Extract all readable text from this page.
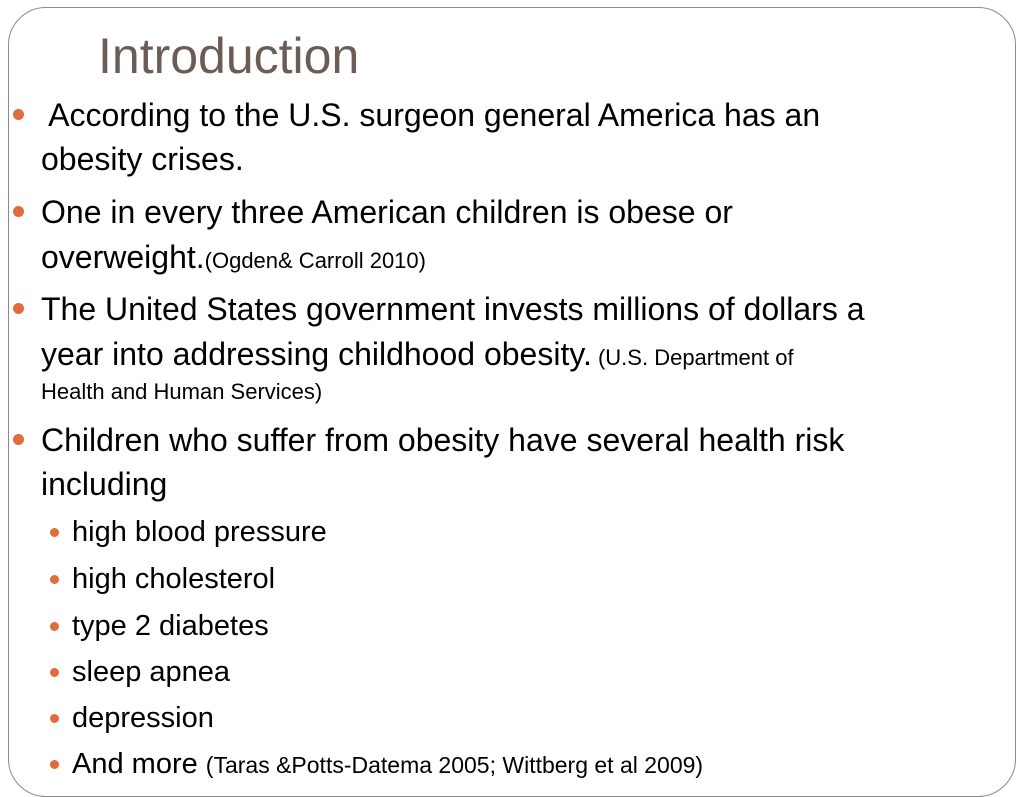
Introduction
According to the U.S. surgeon general America has an
obesity crises.
One in every three American children is obese or
overweight.(Ogden& Carroll 2010)
The United States government invests millions of dollars a
year into addressing childhood obesity. (U.S. Department of
Health and Human Services)
Children who suffer from obesity have several health risk
including
high blood pressure
high cholesterol
type 2 diabetes
sleep apnea
depression
And more (Taras &Potts-Datema 2005; Wittberg et al 2009)
